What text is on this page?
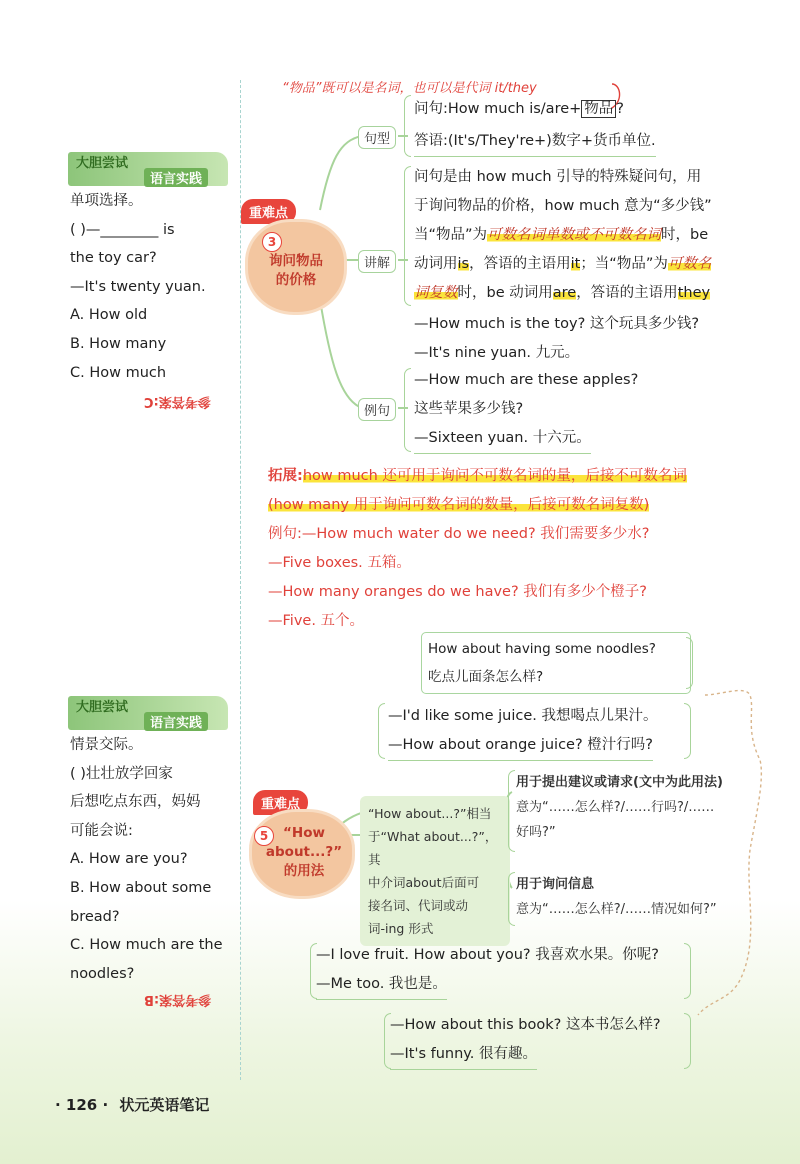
大胆尝试
语言实践
单项选择。
( )—________ is
the toy car?
—It's twenty yuan.
A. How old
B. How many
C. How much
参考答案:C
大胆尝试
语言实践
情景交际。
( )壮壮放学回家
后想吃点东西，妈妈
可能会说:
A. How are you?
B. How about some
bread?
C. How much are the
noodles?
参考答案:B
“物品”既可以是名词，也可以是代词 it/they
重难点
3
询问物品
的价格
句型
讲解
例句
问句:How much is/are+ 物品 ?
答语:(It's/They're+)数字+货币单位.
问句是由 how much 引导的特殊疑问句，用
于询问物品的价格，how much 意为“多少钱”
当“物品”为可数名词单数或不可数名词时，be
动词用is，答语的主语用it；当“物品”为可数名
词复数时，be 动词用are，答语的主语用they
—How much is the toy? 这个玩具多少钱?
—It's nine yuan. 九元。
—How much are these apples?
这些苹果多少钱?
—Sixteen yuan. 十六元。
拓展:how much 还可用于询问不可数名词的量，后接不可数名词
(how many 用于询问可数名词的数量，后接可数名词复数)
例句:—How much water do we need? 我们需要多少水?
—Five boxes. 五箱。
—How many oranges do we have? 我们有多少个橙子?
—Five. 五个。
How about having some noodles?
吃点儿面条怎么样?
—I'd like some juice. 我想喝点儿果汁。
—How about orange juice? 橙汁行吗?
重难点
5	“How
about...?”
的用法
“How about...?”相当
于“What about...?”，其
中介词about后面可
接名词、代词或动
词-ing 形式
用于提出建议或请求(文中为此用法)
意为“……怎么样?/……行吗?/……
好吗?”
用于询问信息
意为“……怎么样?/……情况如何?”
—I love fruit. How about you? 我喜欢水果。你呢?
—Me too. 我也是。
—How about this book? 这本书怎么样?
—It's funny. 很有趣。
· 126 · 状元英语笔记
